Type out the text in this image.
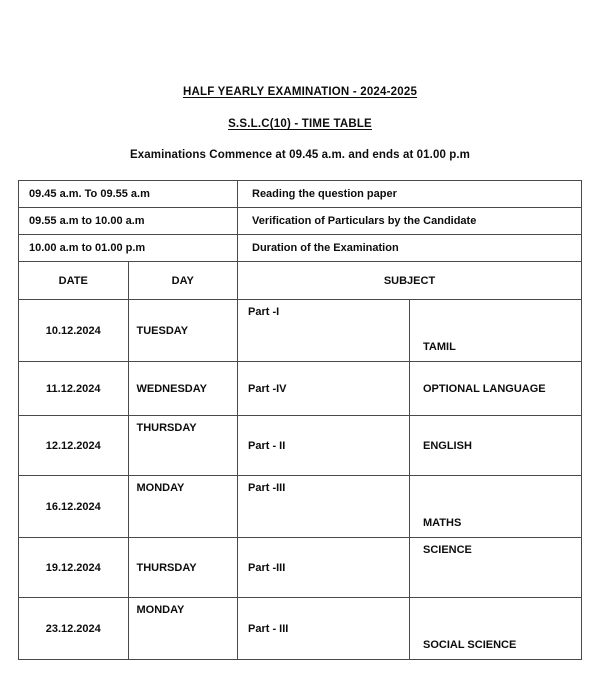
HALF YEARLY EXAMINATION - 2024-2025
S.S.L.C(10) - TIME TABLE
Examinations Commence at 09.45 a.m. and ends at 01.00 p.m
09.45 a.m. To 09.55 a.m		Reading the question paper	
09.55 a.m to 10.00 a.m		Verification of Particulars by the Candidate	
10.00 a.m to 01.00 p.m		Duration of the Examination	
DATE	DAY	SUBJECT	
10.12.2024	TUESDAY	Part -I	TAMIL
11.12.2024	WEDNESDAY	Part -IV	OPTIONAL LANGUAGE
12.12.2024	THURSDAY	Part - II	ENGLISH
16.12.2024	MONDAY	Part -III	MATHS
19.12.2024	THURSDAY	Part -III	SCIENCE
23.12.2024	MONDAY	Part - III	SOCIAL SCIENCE
